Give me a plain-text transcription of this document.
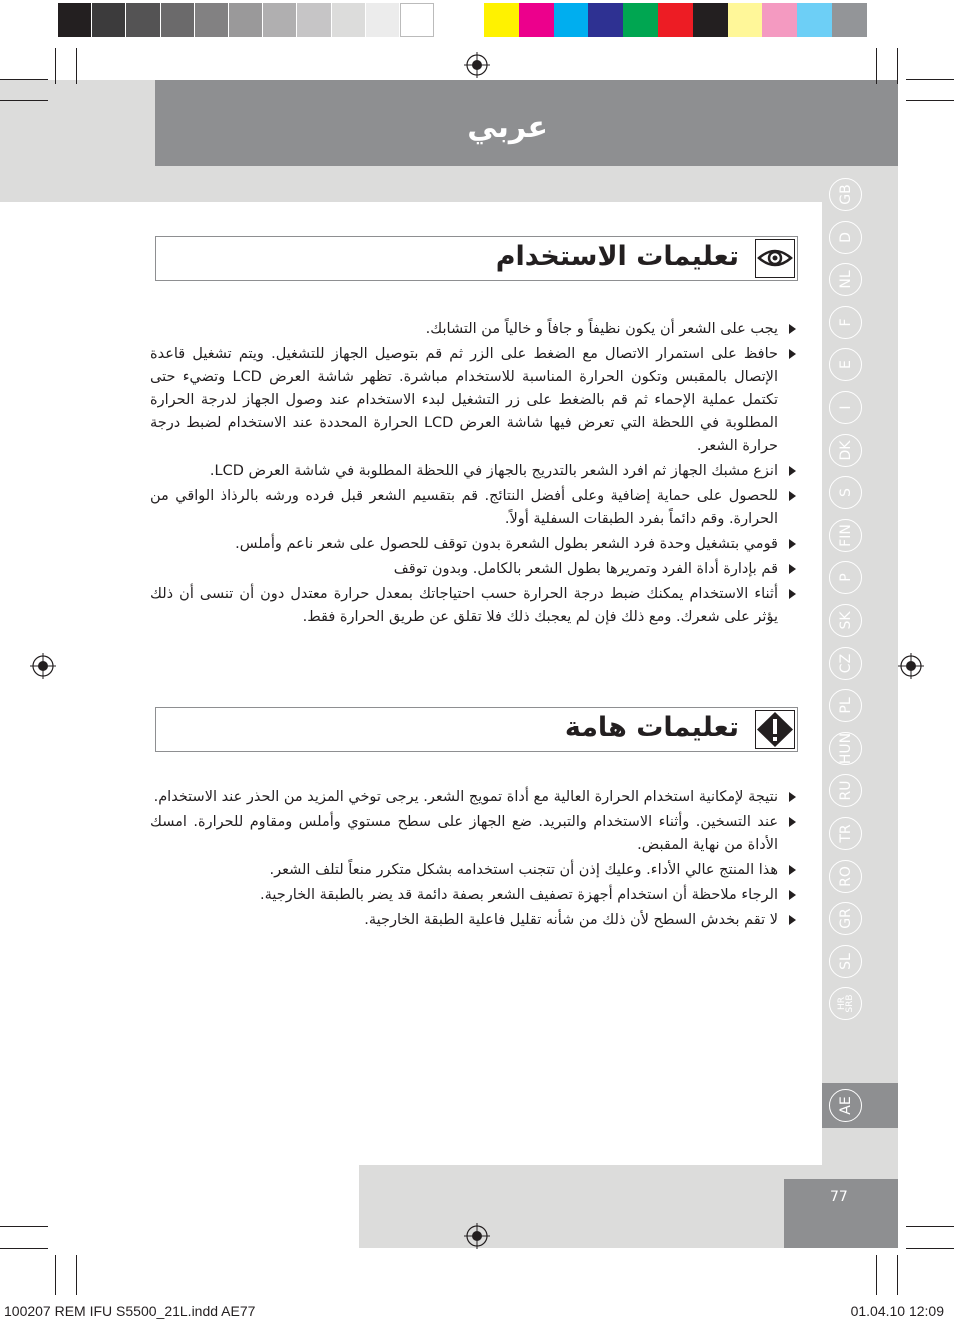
عربي
تعليمات الاستخدام
يجب على الشعر أن يكون نظيفاً و جافاً و خالياً من التشابك.
حافظ على استمرار الاتصال مع الضغط على الزر ثم قم بتوصيل الجهاز للتشغيل. ويتم تشغيل قاعدة الإتصال بالمقبس وتكون الحرارة المناسبة للاستخدام مباشرة. تظهر شاشة العرض LCD وتضيء حتى تكتمل عملية الإحماء ثم قم بالضغط على زر التشغيل لبدء الاستخدام عند وصول الجهاز لدرجة الحرارة المطلوبة في اللحظة التي تعرض فيها شاشة العرض LCD الحرارة المحددة عند الاستخدام لضبط درجة حرارة الشعر.
انزع مشبك الجهاز ثم افرد الشعر بالتدريج بالجهاز في اللحظة المطلوبة في شاشة العرض LCD.
للحصول على حماية إضافية وعلى أفضل النتائج. قم بتقسيم الشعر قبل فرده ورشه بالرذاذ الواقي من الحرارة. وقم دائماً بفرد الطبقات السفلية أولاً.
قومي بتشغيل وحدة فرد الشعر بطول الشعرة بدون توقف للحصول على شعر ناعم وأملس.
قم بإدارة أداة الفرد وتمريرها بطول الشعر بالكامل. وبدون توقف
أثناء الاستخدام يمكنك ضبط درجة الحرارة حسب احتياجاتك بمعدل حرارة معتدل دون أن تنسى أن ذلك يؤثر على شعرك. ومع ذلك فإن لم يعجبك ذلك فلا تقلق عن طريق الحرارة فقط.
تعليمات هامة
نتيجة لإمكانية استخدام الحرارة العالية مع أداة تمويج الشعر. يرجى توخي المزيد من الحذر عند الاستخدام.
عند التسخين. وأثناء الاستخدام والتبريد. ضع الجهاز على سطح مستوي وأملس ومقاوم للحرارة. امسك الأداة من نهاية المقبض.
هذا المنتج عالي الأداء. وعليك إذن أن تتجنب استخدامه بشكل متكرر منعاً لتلف الشعر.
الرجاء ملاحظة أن استخدام أجهزة تصفيف الشعر بصفة دائمة قد يضر بالطبقة الخارجية.
لا تقم بخدش السطح لأن ذلك من شأنه تقليل فاعلية الطبقة الخارجية.
GB
D
NL
F
E
I
DK
S
FIN
P
SK
CZ
PL
HUN
RU
TR
RO
GR
SL
HR
SRB
AE
77
100207 REM IFU S5500_21L.indd AE77	01.04.10 12:09
